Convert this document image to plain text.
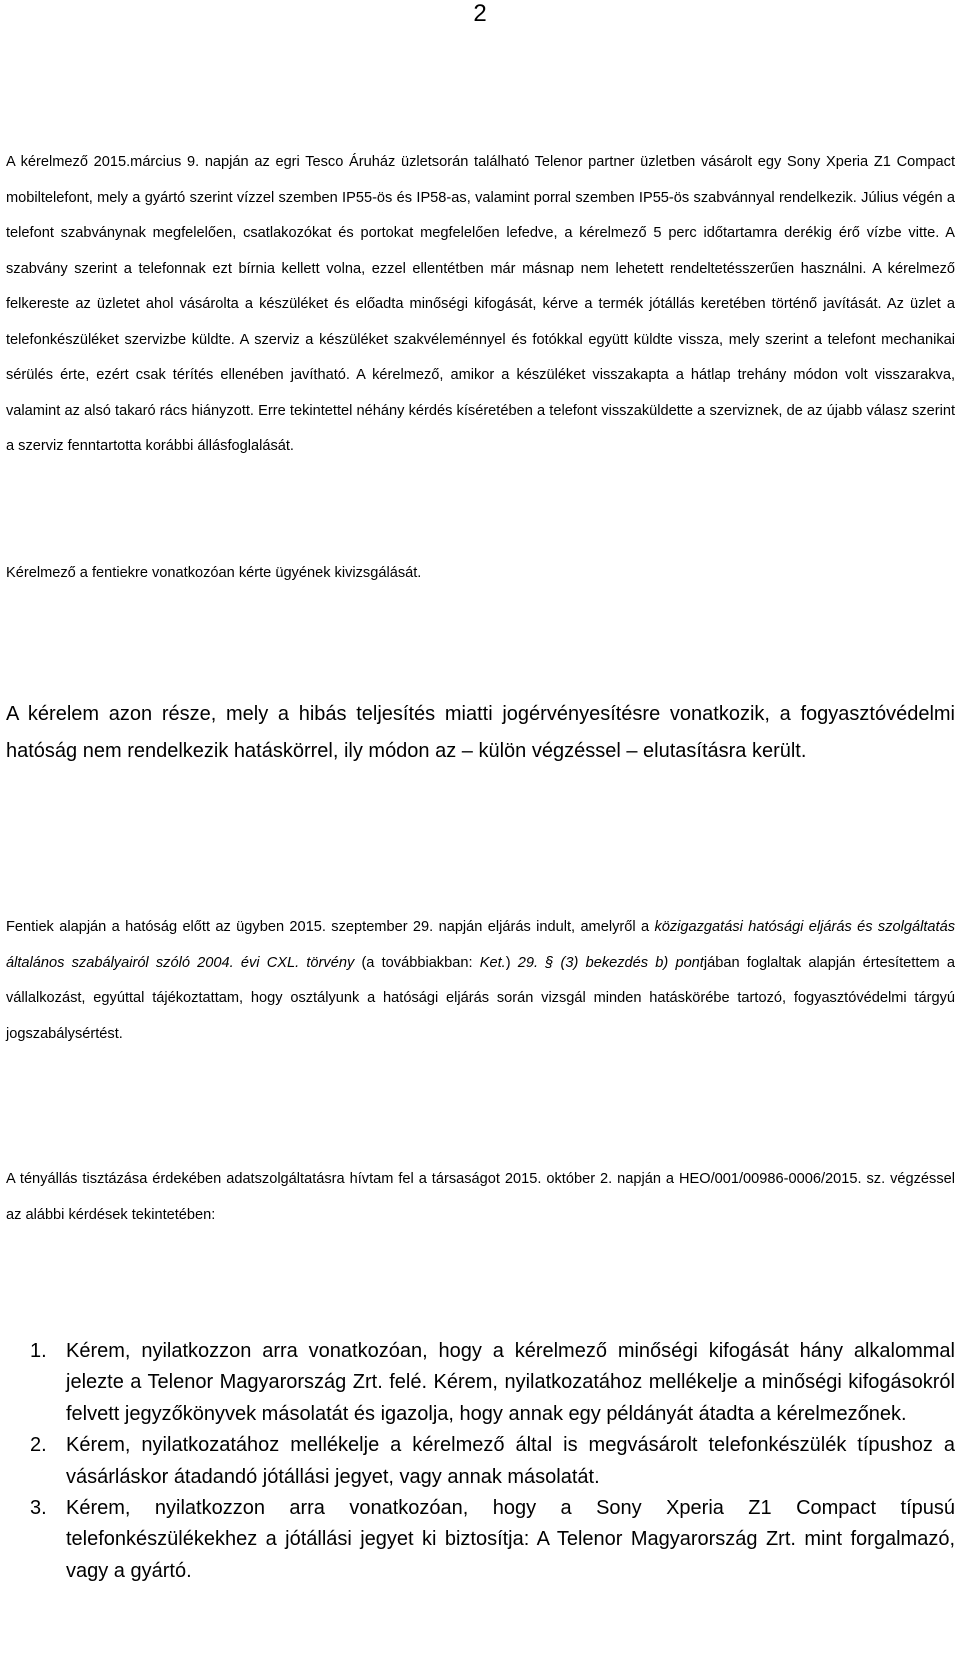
2

A kérelmező 2015.március 9. napján az egri Tesco Áruház üzletsorán található Telenor partner üzletben vásárolt egy Sony Xperia Z1 Compact mobiltelefont, mely a gyártó szerint vízzel szemben IP55-ös és IP58-as, valamint porral szemben IP55-ös szabvánnyal rendelkezik. Július végén a telefont szabványnak megfelelően, csatlakozókat és portokat megfelelően lefedve, a kérelmező 5 perc időtartamra derékig érő vízbe vitte. A szabvány szerint a telefonnak ezt bírnia kellett volna, ezzel ellentétben már másnap nem lehetett rendeltetésszerűen használni. A kérelmező felkereste az üzletet ahol vásárolta a készüléket és előadta minőségi kifogását, kérve a termék jótállás keretében történő javítását. Az üzlet a telefonkészüléket szervizbe küldte. A szerviz a készüléket szakvéleménnyel és fotókkal együtt küldte vissza, mely szerint a telefont mechanikai sérülés érte, ezért csak térítés ellenében javítható. A kérelmező, amikor a készüléket visszakapta a hátlap trehány módon volt visszarakva, valamint az alsó takaró rács hiányzott. Erre tekintettel néhány kérdés kíséretében a telefont visszaküldette a szerviznek, de az újabb válasz szerint a szerviz fenntartotta korábbi állásfoglalását.

Kérelmező a fentiekre vonatkozóan kérte ügyének kivizsgálását.

A kérelem azon része, mely a hibás teljesítés miatti jogérvényesítésre vonatkozik, a fogyasztóvédelmi hatóság nem rendelkezik hatáskörrel, ily módon az – külön végzéssel – elutasításra került.

Fentiek alapján a hatóság előtt az ügyben 2015. szeptember 29. napján eljárás indult, amelyről a közigazgatási hatósági eljárás és szolgáltatás általános szabályairól szóló 2004. évi CXL. törvény (a továbbiakban: Ket.) 29. § (3) bekezdés b) pontjában foglaltak alapján értesítettem a vállalkozást, egyúttal tájékoztattam, hogy osztályunk a hatósági eljárás során vizsgál minden hatáskörébe tartozó, fogyasztóvédelmi tárgyú jogszabálysértést.

A tényállás tisztázása érdekében adatszolgáltatásra hívtam fel a társaságot 2015. október 2. napján a HEO/001/00986-0006/2015. sz. végzéssel az alábbi kérdések tekintetében:

1. Kérem, nyilatkozzon arra vonatkozóan, hogy a kérelmező minőségi kifogását hány alkalommal jelezte a Telenor Magyarország Zrt. felé. Kérem, nyilatkozatához mellékelje a minőségi kifogásokról felvett jegyzőkönyvek másolatát és igazolja, hogy annak egy példányát átadta a kérelmezőnek.
2. Kérem, nyilatkozatához mellékelje a kérelmező által is megvásárolt telefonkészülék típushoz a vásárláskor átadandó jótállási jegyet, vagy annak másolatát.
3. Kérem, nyilatkozzon arra vonatkozóan, hogy a Sony Xperia Z1 Compact típusú telefonkészülékekhez a jótállási jegyet ki biztosítja: A Telenor Magyarország Zrt. mint forgalmazó, vagy a gyártó.
